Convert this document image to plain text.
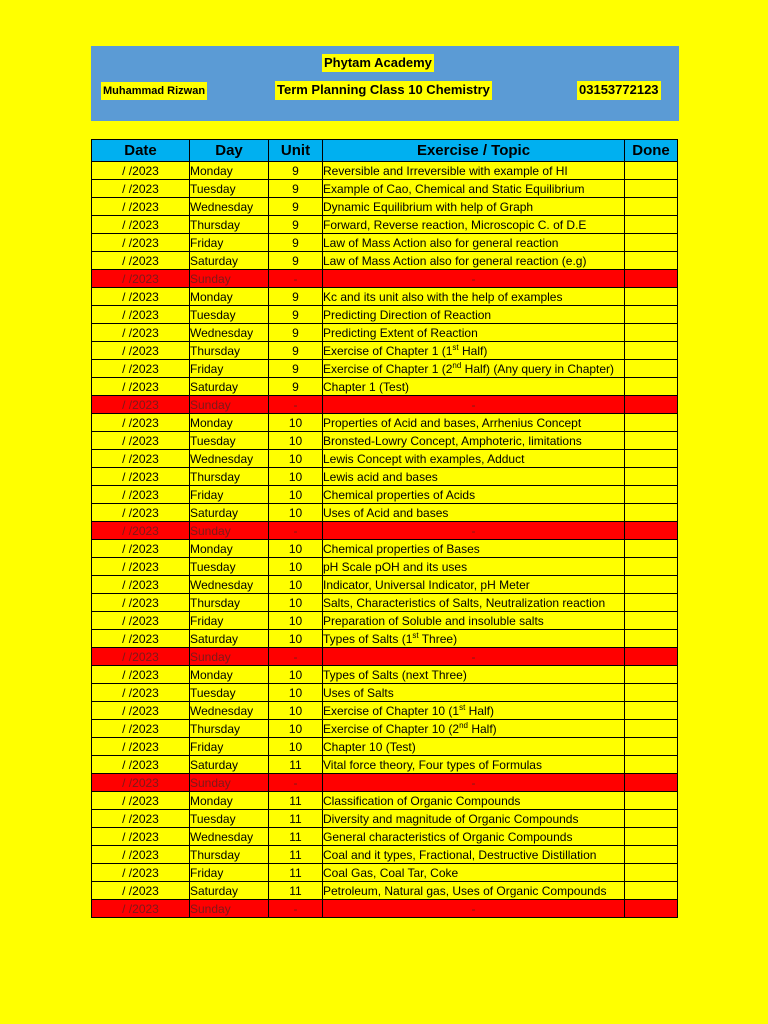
Phytam Academy
Muhammad Rizwan	Term Planning Class 10 Chemistry	03153772123
Date	Day	Unit	Exercise / Topic	Done
/ /2023	Monday	9	Reversible and Irreversible with example of HI	
/ /2023	Tuesday	9	Example of Cao, Chemical and Static Equilibrium	
/ /2023	Wednesday	9	Dynamic Equilibrium with help of Graph	
/ /2023	Thursday	9	Forward, Reverse reaction, Microscopic C. of D.E	
/ /2023	Friday	9	Law of Mass Action also for general reaction	
/ /2023	Saturday	9	Law of Mass Action also for general reaction (e.g)	
/ /2023	Sunday	-	-	
/ /2023	Monday	9	Kc and its unit also with the help of examples	
/ /2023	Tuesday	9	Predicting Direction of Reaction	
/ /2023	Wednesday	9	Predicting Extent of Reaction	
/ /2023	Thursday	9	Exercise of Chapter 1 (1st Half)	
/ /2023	Friday	9	Exercise of Chapter 1 (2nd Half) (Any query in Chapter)	
/ /2023	Saturday	9	Chapter 1 (Test)	
/ /2023	Sunday	-	-	
/ /2023	Monday	10	Properties of Acid and bases, Arrhenius Concept	
/ /2023	Tuesday	10	Bronsted-Lowry Concept, Amphoteric, limitations	
/ /2023	Wednesday	10	Lewis Concept with examples, Adduct	
/ /2023	Thursday	10	Lewis acid and bases	
/ /2023	Friday	10	Chemical properties of Acids	
/ /2023	Saturday	10	Uses of Acid and bases	
/ /2023	Sunday	-	-	
/ /2023	Monday	10	Chemical properties of Bases	
/ /2023	Tuesday	10	pH Scale pOH and its uses	
/ /2023	Wednesday	10	Indicator, Universal Indicator, pH Meter	
/ /2023	Thursday	10	Salts, Characteristics of Salts, Neutralization reaction	
/ /2023	Friday	10	Preparation of Soluble and insoluble salts	
/ /2023	Saturday	10	Types of Salts (1st Three)	
/ /2023	Sunday	-	-	
/ /2023	Monday	10	Types of Salts (next Three)	
/ /2023	Tuesday	10	Uses of Salts	
/ /2023	Wednesday	10	Exercise of Chapter 10 (1st Half)	
/ /2023	Thursday	10	Exercise of Chapter 10 (2nd Half)	
/ /2023	Friday	10	Chapter 10 (Test)	
/ /2023	Saturday	11	Vital force theory, Four types of Formulas	
/ /2023	Sunday	-	-	
/ /2023	Monday	11	Classification of Organic Compounds	
/ /2023	Tuesday	11	Diversity and magnitude of Organic Compounds	
/ /2023	Wednesday	11	General characteristics of Organic Compounds	
/ /2023	Thursday	11	Coal and it types, Fractional, Destructive Distillation	
/ /2023	Friday	11	Coal Gas, Coal Tar, Coke	
/ /2023	Saturday	11	Petroleum, Natural gas, Uses of Organic Compounds	
/ /2023	Sunday	-	-	
